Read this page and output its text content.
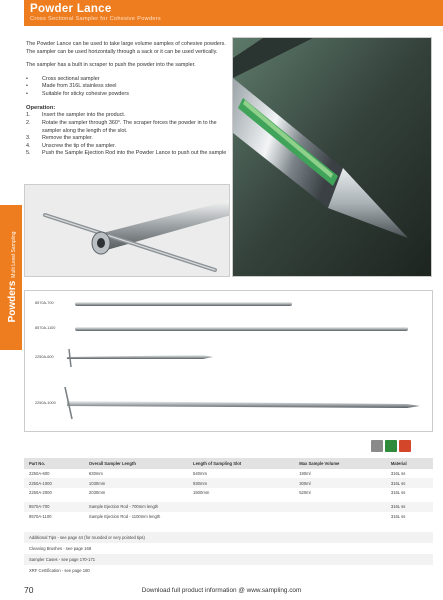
Powder Lance
Cross Sectional Sampler for Cohesive Powders
PowdersMulti Level Sampling

The Powder Lance can be used to take large volume samples of cohesive powders. The sampler can be used horizontally through a sack or it can be used vertically.

The sampler has a built in scraper to push the powder into the sampler.

•	Cross sectional sampler
•	Made from 316L stainless steel
•	Suitable for sticky cohesive powders
Operation:
1.	Insert the sampler into the product.
2.	Rotate the sampler through 360°. The scraper forces the powder in to the sampler along the length of the slot.
3.	Remove the sampler.
4.	Unscrew the tip of the sampler.
5.	Push the Sample Ejection Rod into the Powder Lance to push out the sample
8570A-700
8570A-1100
2250A-600
2250A-1000
Part No.	Overall Sampler Length	Length of Sampling Slot	Max Sample Volume	Material
2250A-600	630mm	540mm	190ml	316L ss
2250A-1000	1030mm	930mm	300ml	316L ss
2250A-2000	2030mm	1500mm	520ml	316L ss

8570A-700	Sample Ejection Rod - 700mm length			316L ss
8570A-1100	Sample Ejection Rod - 1100mm length			316L ss
Additional Tips - see page 44 (for rounded or very pointed tips)
Cleaning Brushes - see page 168
Sampler Cases - see page 170-171
XRF Certification - see page 180
70	Download full product information @ www.sampling.com
